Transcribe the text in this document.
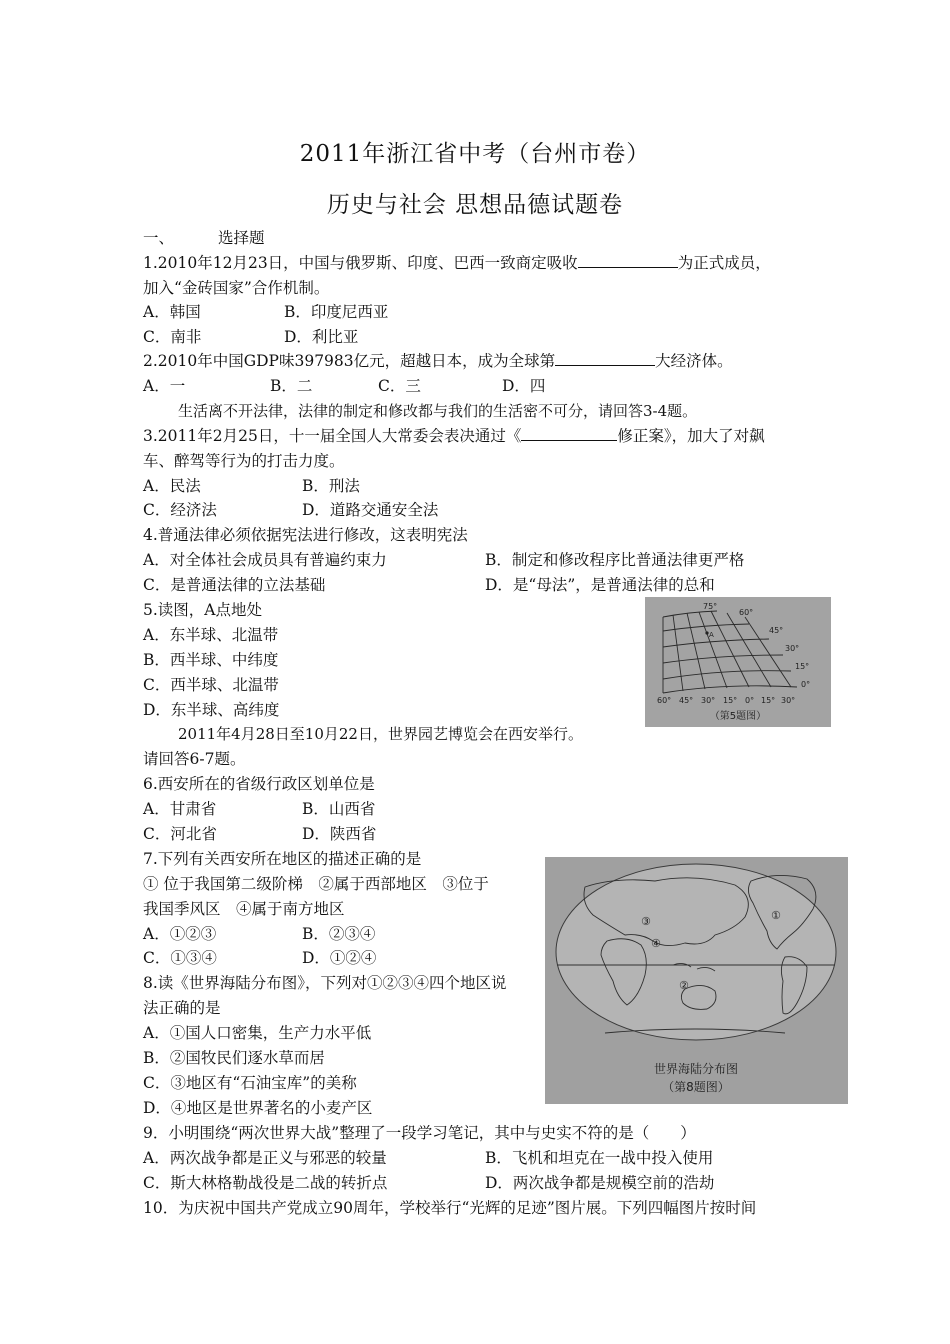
2011年浙江省中考（台州市卷）
历史与社会 思想品德试题卷
一、	选择题
1.2010年12月23日，中国与俄罗斯、印度、巴西一致商定吸收	为正式成员，
加入“金砖国家”合作机制。
A．韩国	B．印度尼西亚
C．南非	D．利比亚
2.2010年中国GDP味397983亿元，超越日本，成为全球第	大经济体。
A．一	B．二	C．三	D．四
生活离不开法律，法律的制定和修改都与我们的生活密不可分，请回答3-4题。
3.2011年2月25日，十一届全国人大常委会表决通过《	修正案》，加大了对飙
车、醉驾等行为的打击力度。
A．民法	B．刑法
C．经济法	D．道路交通安全法
4.普通法律必须依据宪法进行修改，这表明宪法
A．对全体社会成员具有普遍约束力	B．制定和修改程序比普通法律更严格
C．是普通法律的立法基础	D．是“母法”，是普通法律的总和
5.读图，A点地处
A．东半球、北温带
B．西半球、中纬度
C．西半球、北温带
D．东半球、高纬度
75°
60°
45°
30°
15°
0°
60° 45° 30° 15° 0° 15° 30°
A
（第5题图）
2011年4月28日至10月22日，世界园艺博览会在西安举行。
请回答6-7题。
6.西安所在的省级行政区划单位是
A．甘肃省	B．山西省
C．河北省	D．陕西省
7.下列有关西安所在地区的描述正确的是
① 位于我国第二级阶梯　②属于西部地区　③位于
我国季风区　④属于南方地区
A．①②③	B．②③④
C．①③④	D．①②④
8.读《世界海陆分布图》，下列对①②③④四个地区说
法正确的是
A．①国人口密集，生产力水平低
B．②国牧民们逐水草而居
C．③地区有“石油宝库”的美称
D．④地区是世界著名的小麦产区
①
②
③
④
世界海陆分布图
（第8题图）
9．小明围绕“两次世界大战”整理了一段学习笔记，其中与史实不符的是（　　）
A．两次战争都是正义与邪恶的较量	B．飞机和坦克在一战中投入使用
C．斯大林格勒战役是二战的转折点	D．两次战争都是规模空前的浩劫
10．为庆祝中国共产党成立90周年，学校举行“光辉的足迹”图片展。下列四幅图片按时间
